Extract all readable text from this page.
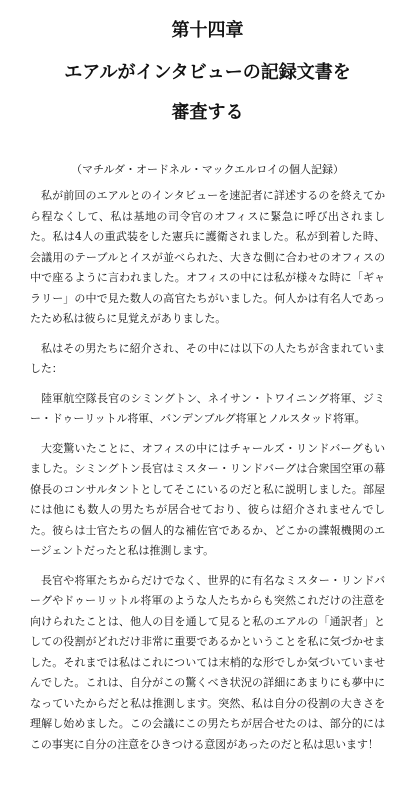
第十四章
エアルがインタビューの記録文書を
審査する
（マチルダ・オードネル・マックエルロイの個人記録）

私が前回のエアルとのインタビューを速記者に詳述するのを終えてから程なくして、私は基地の司令官のオフィスに緊急に呼び出されました。私は4人の重武装をした憲兵に護衛されました。私が到着した時、会議用のテーブルとイスが並べられた、大きな側に合わせのオフィスの中で座るように言われました。オフィスの中には私が様々な時に「ギャラリー」の中で見た数人の高官たちがいました。何人かは有名人であったため私は彼らに見覚えがありました。

私はその男たちに紹介され、その中には以下の人たちが含まれていました：

陸軍航空隊長官のシミングトン、ネイサン・トワイニング将軍、ジミー・ドゥーリットル将軍、バンデンブルグ将軍とノルスタッド将軍。

大変驚いたことに、オフィスの中にはチャールズ・リンドバーグもいました。シミングトン長官はミスター・リンドバーグは合衆国空軍の幕僚長のコンサルタントとしてそこにいるのだと私に説明しました。部屋には他にも数人の男たちが居合せており、彼らは紹介されませんでした。彼らは士官たちの個人的な補佐官であるか、どこかの諜報機関のエージェントだったと私は推測します。

長官や将軍たちからだけでなく、世界的に有名なミスター・リンドバーグやドゥーリットル将軍のような人たちからも突然これだけの注意を向けられたことは、他人の目を通して見ると私のエアルの「通訳者」としての役割がどれだけ非常に重要であるかということを私に気づかせました。それまでは私はこれについては末梢的な形でしか気づいていませんでした。これは、自分がこの驚くべき状況の詳細にあまりにも夢中になっていたからだと私は推測します。突然、私は自分の役割の大きさを理解し始めました。この会議にこの男たちが居合せたのは、部分的にはこの事実に自分の注意をひきつける意図があったのだと私は思います！
